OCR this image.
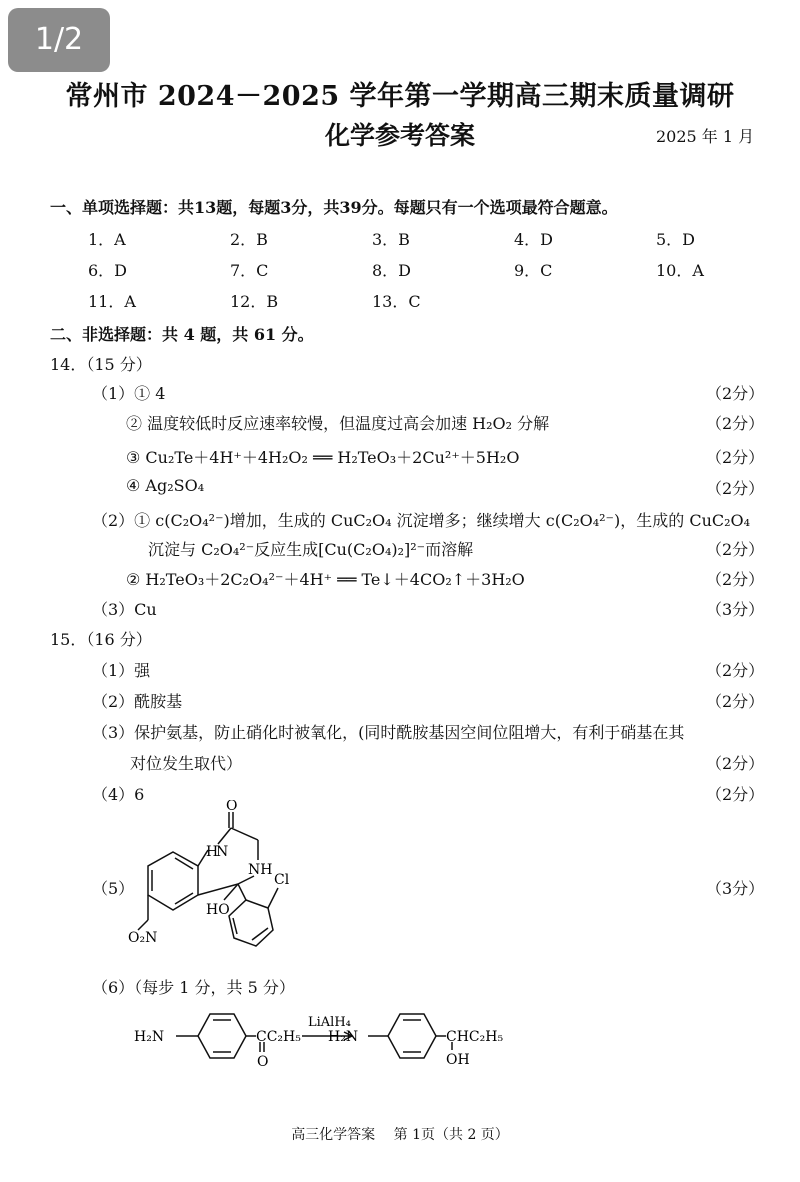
1/2
常州市 2024－2025 学年第一学期高三期末质量调研
化学参考答案	2025 年 1 月
一、单项选择题：共13题，每题3分，共39分。每题只有一个选项最符合题意。
1．A	2．B	3．B	4．D	5．D
6．D	7．C	8．D	9．C	10．A
11．A	12．B	13．C
二、非选择题：共 4 题，共 61 分。
14．（15 分）
（1）① 4	（2分）
② 温度较低时反应速率较慢，但温度过高会加速 H₂O₂ 分解	（2分）
③ Cu₂Te＋4H⁺＋4H₂O₂ ══ H₂TeO₃＋2Cu²⁺＋5H₂O	（2分）
④ Ag₂SO₄	（2分）
（2）① c(C₂O₄²⁻)增加，生成的 CuC₂O₄ 沉淀增多；继续增大 c(C₂O₄²⁻)，生成的 CuC₂O₄
沉淀与 C₂O₄²⁻反应生成[Cu(C₂O₄)₂]²⁻而溶解	（2分）
② H₂TeO₃＋2C₂O₄²⁻＋4H⁺ ══ Te↓＋4CO₂↑＋3H₂O	（2分）
（3）Cu	（3分）
15．（16 分）
（1）强	（2分）
（2）酰胺基	（2分）
（3）保护氨基，防止硝化时被氧化，(同时酰胺基因空间位阻增大，有利于硝基在其
对位发生取代）	（2分）
（4）6	（2分）
（5）	（3分）
O
H
N
NH
Cl
HO
O₂N
（6）（每步 1 分，共 5 分）
H₂N	CC₂H₅
O
LiAlH₄
H₂N	CHC₂H₅
OH
高三化学答案　 第 1页（共 2 页）
